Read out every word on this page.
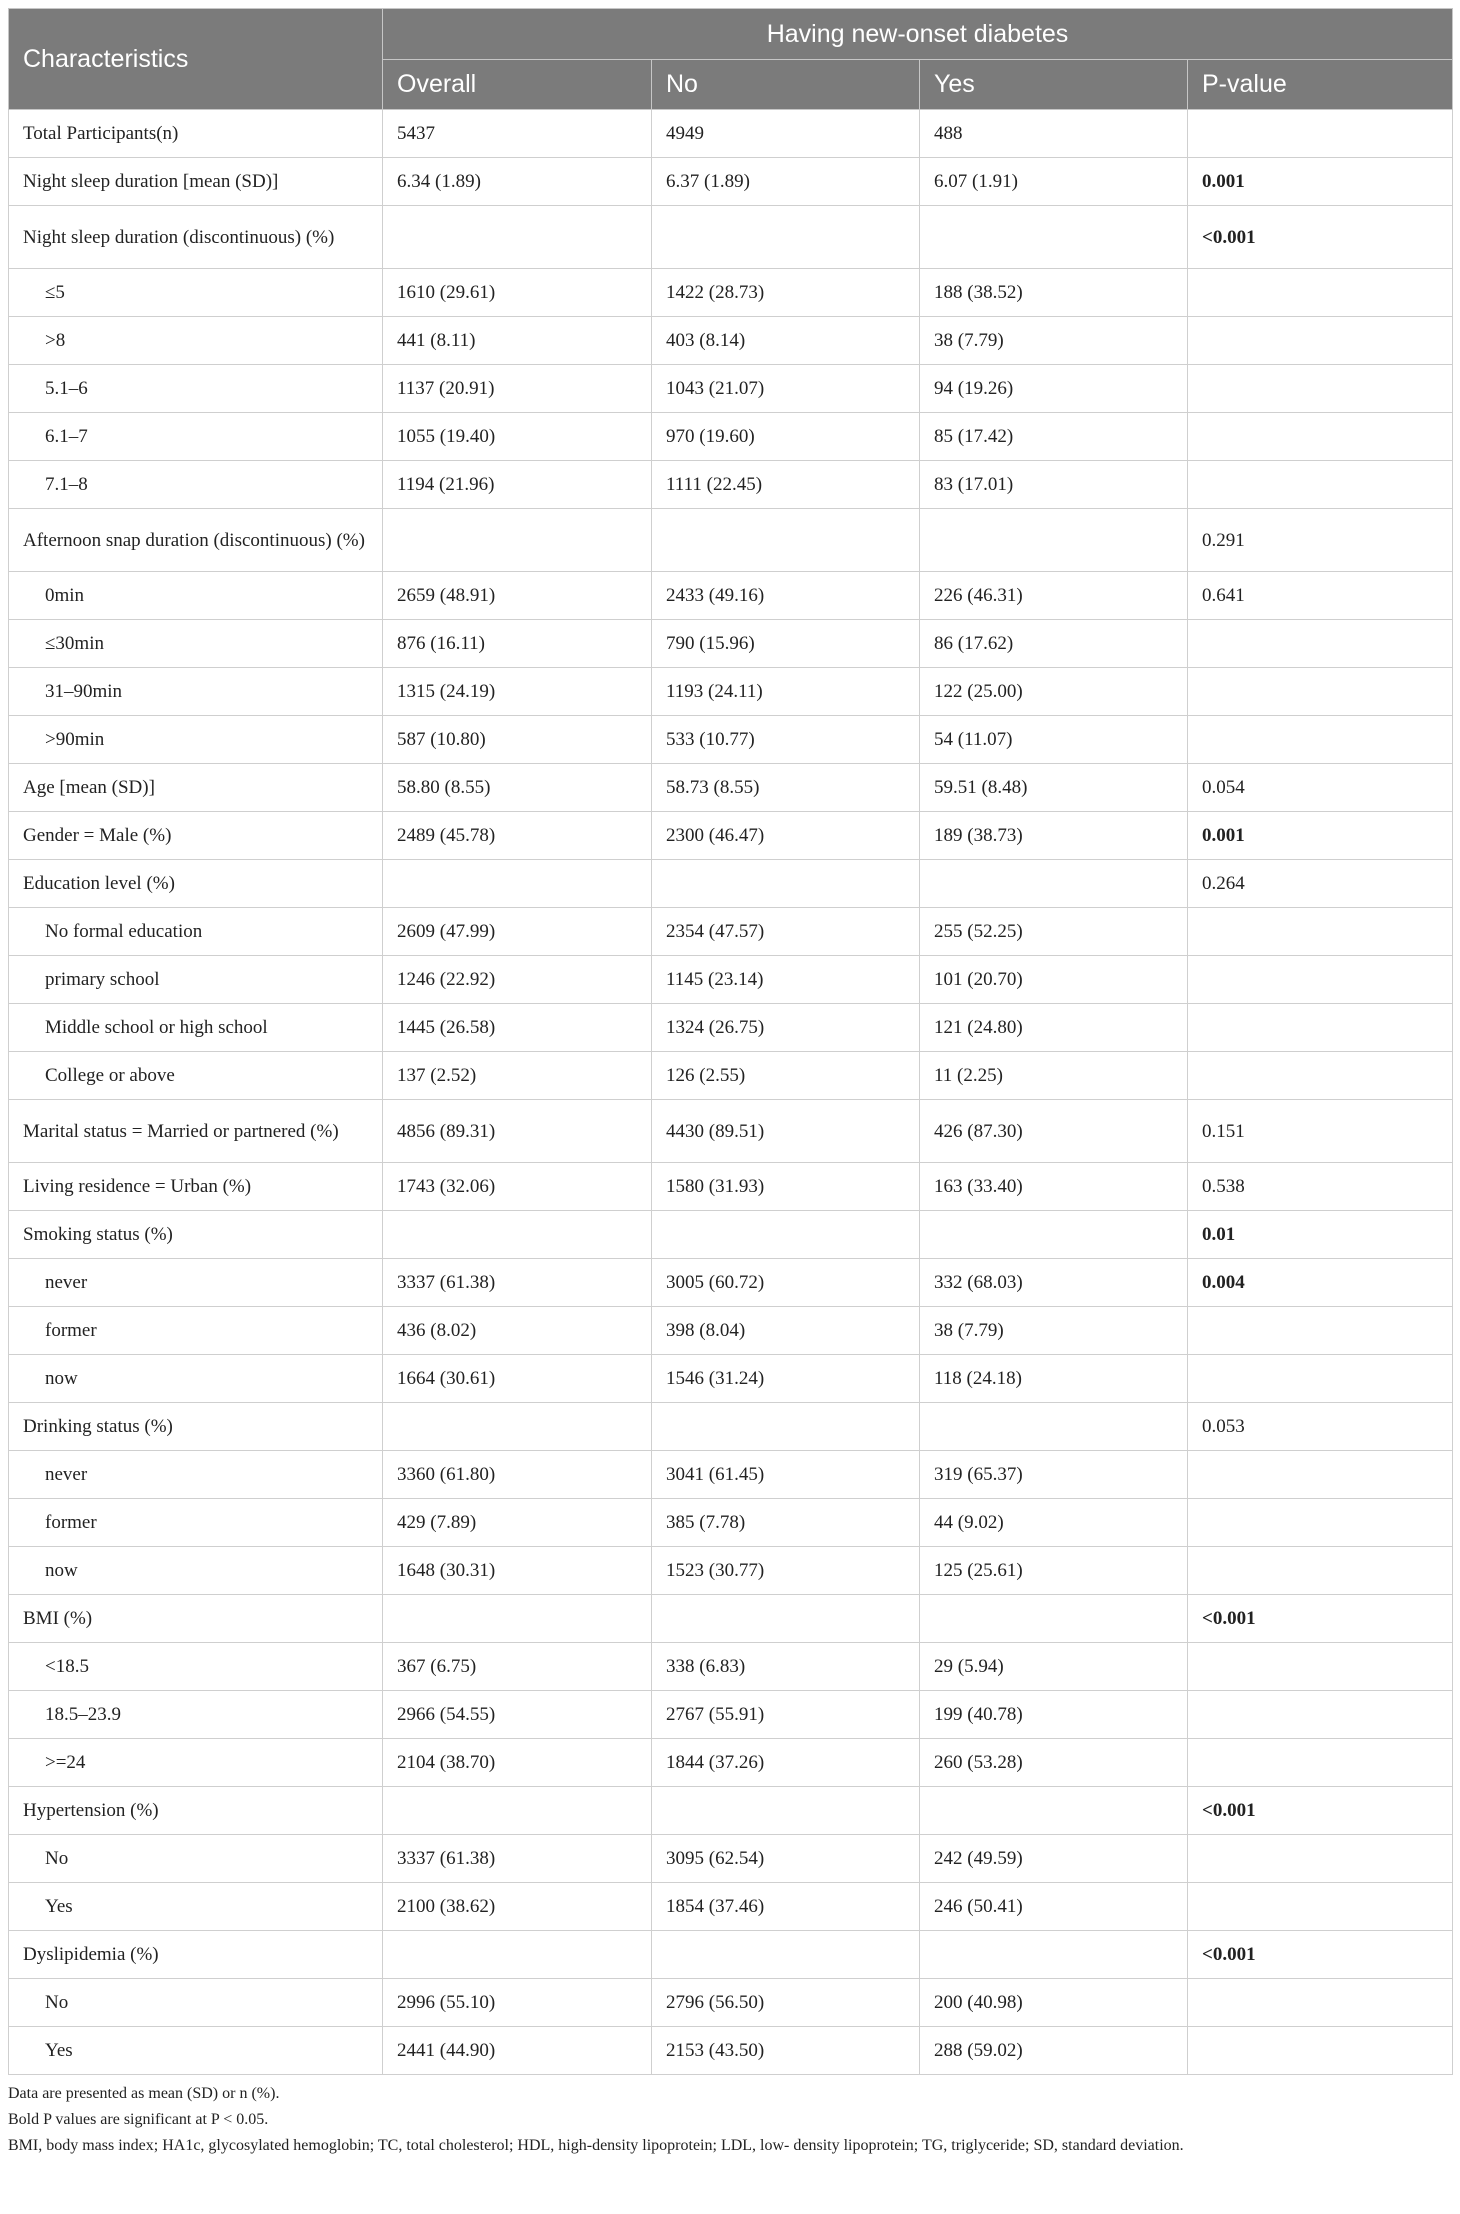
Characteristics	Having new-onset diabetes			
	Overall	No	Yes	P-value
Total Participants(n)	5437	4949	488	
Night sleep duration [mean (SD)]	6.34 (1.89)	6.37 (1.89)	6.07 (1.91)	0.001
Night sleep duration (discontinuous) (%)				<0.001
≤5	1610 (29.61)	1422 (28.73)	188 (38.52)	
>8	441 (8.11)	403 (8.14)	38 (7.79)	
5.1–6	1137 (20.91)	1043 (21.07)	94 (19.26)	
6.1–7	1055 (19.40)	970 (19.60)	85 (17.42)	
7.1–8	1194 (21.96)	1111 (22.45)	83 (17.01)	
Afternoon snap duration (discontinuous) (%)				0.291
0min	2659 (48.91)	2433 (49.16)	226 (46.31)	0.641
≤30min	876 (16.11)	790 (15.96)	86 (17.62)	
31–90min	1315 (24.19)	1193 (24.11)	122 (25.00)	
>90min	587 (10.80)	533 (10.77)	54 (11.07)	
Age [mean (SD)]	58.80 (8.55)	58.73 (8.55)	59.51 (8.48)	0.054
Gender = Male (%)	2489 (45.78)	2300 (46.47)	189 (38.73)	0.001
Education level (%)				0.264
No formal education	2609 (47.99)	2354 (47.57)	255 (52.25)	
primary school	1246 (22.92)	1145 (23.14)	101 (20.70)	
Middle school or high school	1445 (26.58)	1324 (26.75)	121 (24.80)	
College or above	137 (2.52)	126 (2.55)	11 (2.25)	
Marital status = Married or partnered (%)	4856 (89.31)	4430 (89.51)	426 (87.30)	0.151
Living residence = Urban (%)	1743 (32.06)	1580 (31.93)	163 (33.40)	0.538
Smoking status (%)				0.01
never	3337 (61.38)	3005 (60.72)	332 (68.03)	0.004
former	436 (8.02)	398 (8.04)	38 (7.79)	
now	1664 (30.61)	1546 (31.24)	118 (24.18)	
Drinking status (%)				0.053
never	3360 (61.80)	3041 (61.45)	319 (65.37)	
former	429 (7.89)	385 (7.78)	44 (9.02)	
now	1648 (30.31)	1523 (30.77)	125 (25.61)	
BMI (%)				<0.001
<18.5	367 (6.75)	338 (6.83)	29 (5.94)	
18.5–23.9	2966 (54.55)	2767 (55.91)	199 (40.78)	
>=24	2104 (38.70)	1844 (37.26)	260 (53.28)	
Hypertension (%)				<0.001
No	3337 (61.38)	3095 (62.54)	242 (49.59)	
Yes	2100 (38.62)	1854 (37.46)	246 (50.41)	
Dyslipidemia (%)				<0.001
No	2996 (55.10)	2796 (56.50)	200 (40.98)	
Yes	2441 (44.90)	2153 (43.50)	288 (59.02)	
Data are presented as mean (SD) or n (%).
Bold P values are significant at P < 0.05.
BMI, body mass index; HA1c, glycosylated hemoglobin; TC, total cholesterol; HDL, high-density lipoprotein; LDL, low- density lipoprotein; TG, triglyceride; SD, standard deviation.
